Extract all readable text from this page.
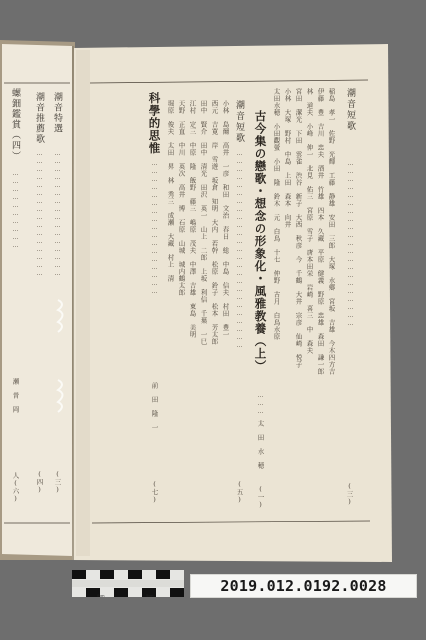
0cm	5cm
2019.012.0192.0028
螺鈿鑑賞（四）
瀬　昔　岡
人(六)
…………………………
潮音推薦歌
…………………………………………
(四)
潮音特選
…………………………………………
(三)
潮音短歌
………………………………………………………
(三)
稲島　孝一　佐野　光輝　工藤　静雄　安田　三郎　大塚　水郷　宮坂　吉雄　今木四方吉
伊藤　豊　吉川　忠夫　酒井　竹雄　四本　久藏　平原　健義　野原　忠雄　森田　謙一郎
林　道夫　小峰　伸一　北見　佑三　宮原　雪子　唐本田栄　岩崎　喜三　中　森夫
宮田　潔光　下田　雲雀　渋谷　新子　大西　秋彦　今　千鶴　大井　宗彦　仙崎　悦子
小林　大塚　野村　中島　上田　森本　向井
太田水穂　小田觀螢　小田　隆　鈴木　元　白鳥　十七　仲野　古月　白鳥水原
古今集の戀歌・想念の形象化・風雅教養（上）
………
太　田　水　穂
(一)
潮音短歌
…………………………………………………………………
(五)
小林　島爾　高井　一彦　和田　文治　春日　総　中島　信夫　村田　豊一
西元　吉寛　岸　雪遊　坂倉　知明　大内　若幹　松原　鈴子　松本　芳太郎
田中　賢介　田中　清光　田沢　英一　山上　二郎　上坂　利信　千葉　一巳
江村　定三　中原　隆　飯野　藤三　嶋原　茂夫　中澤　吉雄　東島　美明
天野　正直　中川　英次　高井　博　石原　山城　城内鶴太郎
堀原　俊夫　太田　昇　林　秀三　成瀬　大藏　村上　清
科學的思惟
……………………………………………
前　田　隆　一
(七)
